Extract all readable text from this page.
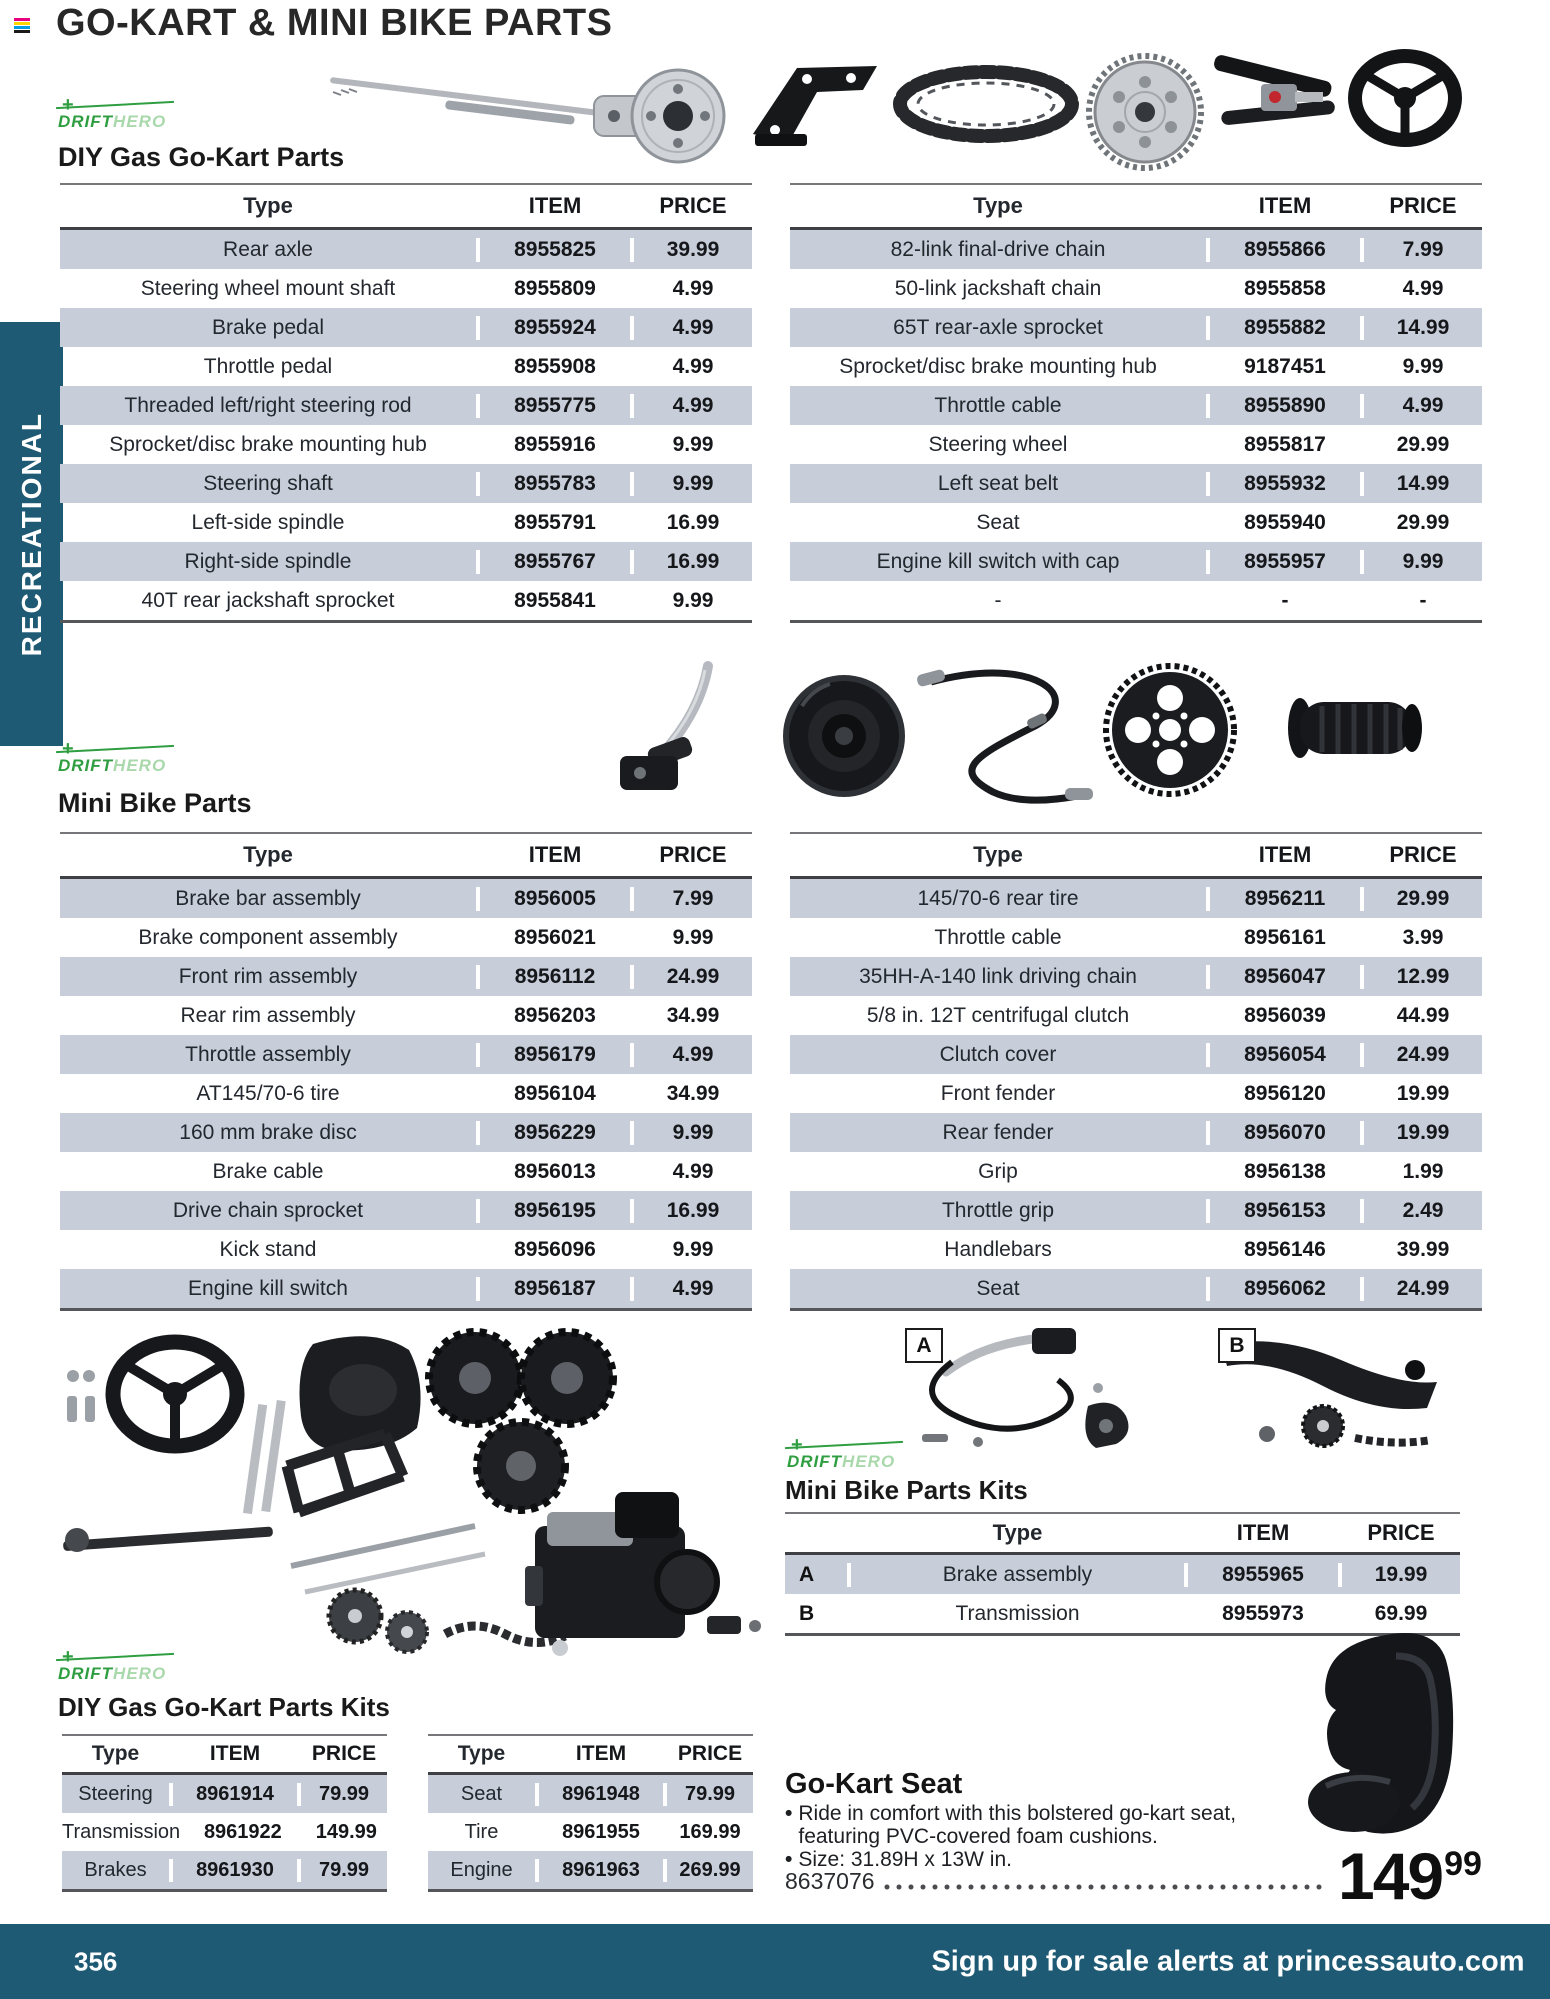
GO-KART & MINI BIKE PARTS
RECREATIONAL
+
DRIFTHERO
DIY Gas Go-Kart Parts
Type	ITEM	PRICE
Rear axle	8955825	39.99
Steering wheel mount shaft	8955809	4.99
Brake pedal	8955924	4.99
Throttle pedal	8955908	4.99
Threaded left/right steering rod	8955775	4.99
Sprocket/disc brake mounting hub	8955916	9.99
Steering shaft	8955783	9.99
Left-side spindle	8955791	16.99
Right-side spindle	8955767	16.99
40T rear jackshaft sprocket	8955841	9.99
Type	ITEM	PRICE
82-link final-drive chain	8955866	7.99
50-link jackshaft chain	8955858	4.99
65T rear-axle sprocket	8955882	14.99
Sprocket/disc brake mounting hub	9187451	9.99
Throttle cable	8955890	4.99
Steering wheel	8955817	29.99
Left seat belt	8955932	14.99
Seat	8955940	29.99
Engine kill switch with cap	8955957	9.99
-	-	-
+
DRIFTHERO
Mini Bike Parts
Type	ITEM	PRICE
Brake bar assembly	8956005	7.99
Brake component assembly	8956021	9.99
Front rim assembly	8956112	24.99
Rear rim assembly	8956203	34.99
Throttle assembly	8956179	4.99
AT145/70-6 tire	8956104	34.99
160 mm brake disc	8956229	9.99
Brake cable	8956013	4.99
Drive chain sprocket	8956195	16.99
Kick stand	8956096	9.99
Engine kill switch	8956187	4.99
Type	ITEM	PRICE
145/70-6 rear tire	8956211	29.99
Throttle cable	8956161	3.99
35HH-A-140 link driving chain	8956047	12.99
5/8 in. 12T centrifugal clutch	8956039	44.99
Clutch cover	8956054	24.99
Front fender	8956120	19.99
Rear fender	8956070	19.99
Grip	8956138	1.99
Throttle grip	8956153	2.49
Handlebars	8956146	39.99
Seat	8956062	24.99
A	B
+
DRIFTHERO
Mini Bike Parts Kits
Type	ITEM	PRICE
A	Brake assembly	8955965	19.99
B	Transmission	8955973	69.99
+
DRIFTHERO
DIY Gas Go-Kart Parts Kits
Type	ITEM	PRICE
Steering	8961914	79.99
Transmission	8961922	149.99
Brakes	8961930	79.99
Type	ITEM	PRICE
Seat	8961948	79.99
Tire	8961955	169.99
Engine	8961963	269.99
Go-Kart Seat
• Ride in comfort with this bolstered go-kart seat, featuring PVC-covered foam cushions.
• Size: 31.89H x 13W in.
8637076	14999
356	Sign up for sale alerts at princessauto.com
